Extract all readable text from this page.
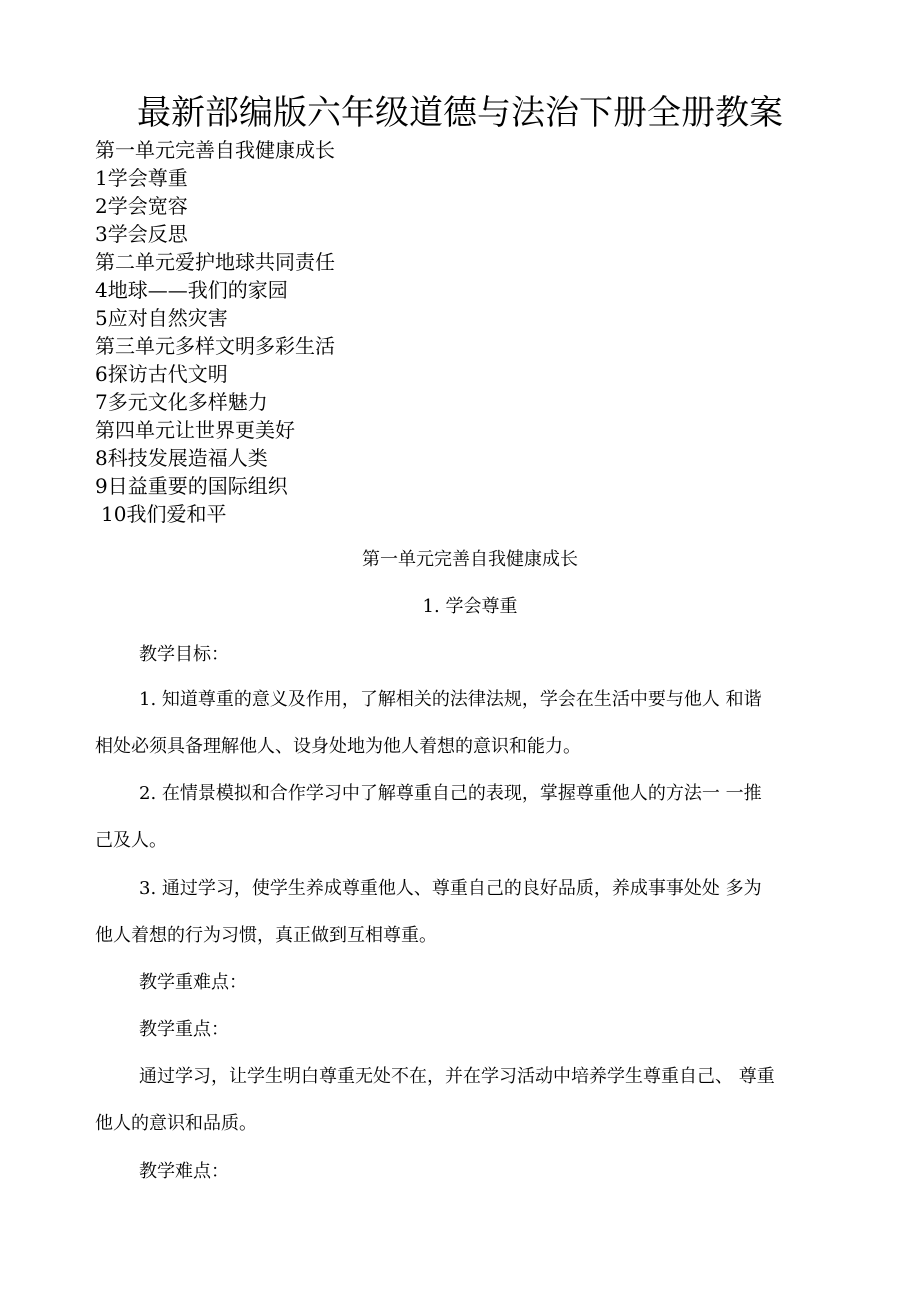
最新部编版六年级道德与法治下册全册教案
第一单元完善自我健康成长
1学会尊重
2学会宽容
3学会反思
第二单元爱护地球共同责任
4地球——我们的家园
5应对自然灾害
第三单元多样文明多彩生活
6探访古代文明
7多元文化多样魅力
第四单元让世界更美好
8科技发展造福人类
9日益重要的国际组织
10我们爱和平
第一单元完善自我健康成长
1. 学会尊重
教学目标：
1. 知道尊重的意义及作用，了解相关的法律法规，学会在生活中要与他人 和谐
相处必须具备理解他人、设身处地为他人着想的意识和能力。
2. 在情景模拟和合作学习中了解尊重自己的表现，掌握尊重他人的方法一 一推
己及人。
3. 通过学习，使学生养成尊重他人、尊重自己的良好品质，养成事事处处 多为
他人着想的行为习惯，真正做到互相尊重。
教学重难点：
教学重点：
通过学习，让学生明白尊重无处不在，并在学习活动中培养学生尊重自己、 尊重
他人的意识和品质。
教学难点：
